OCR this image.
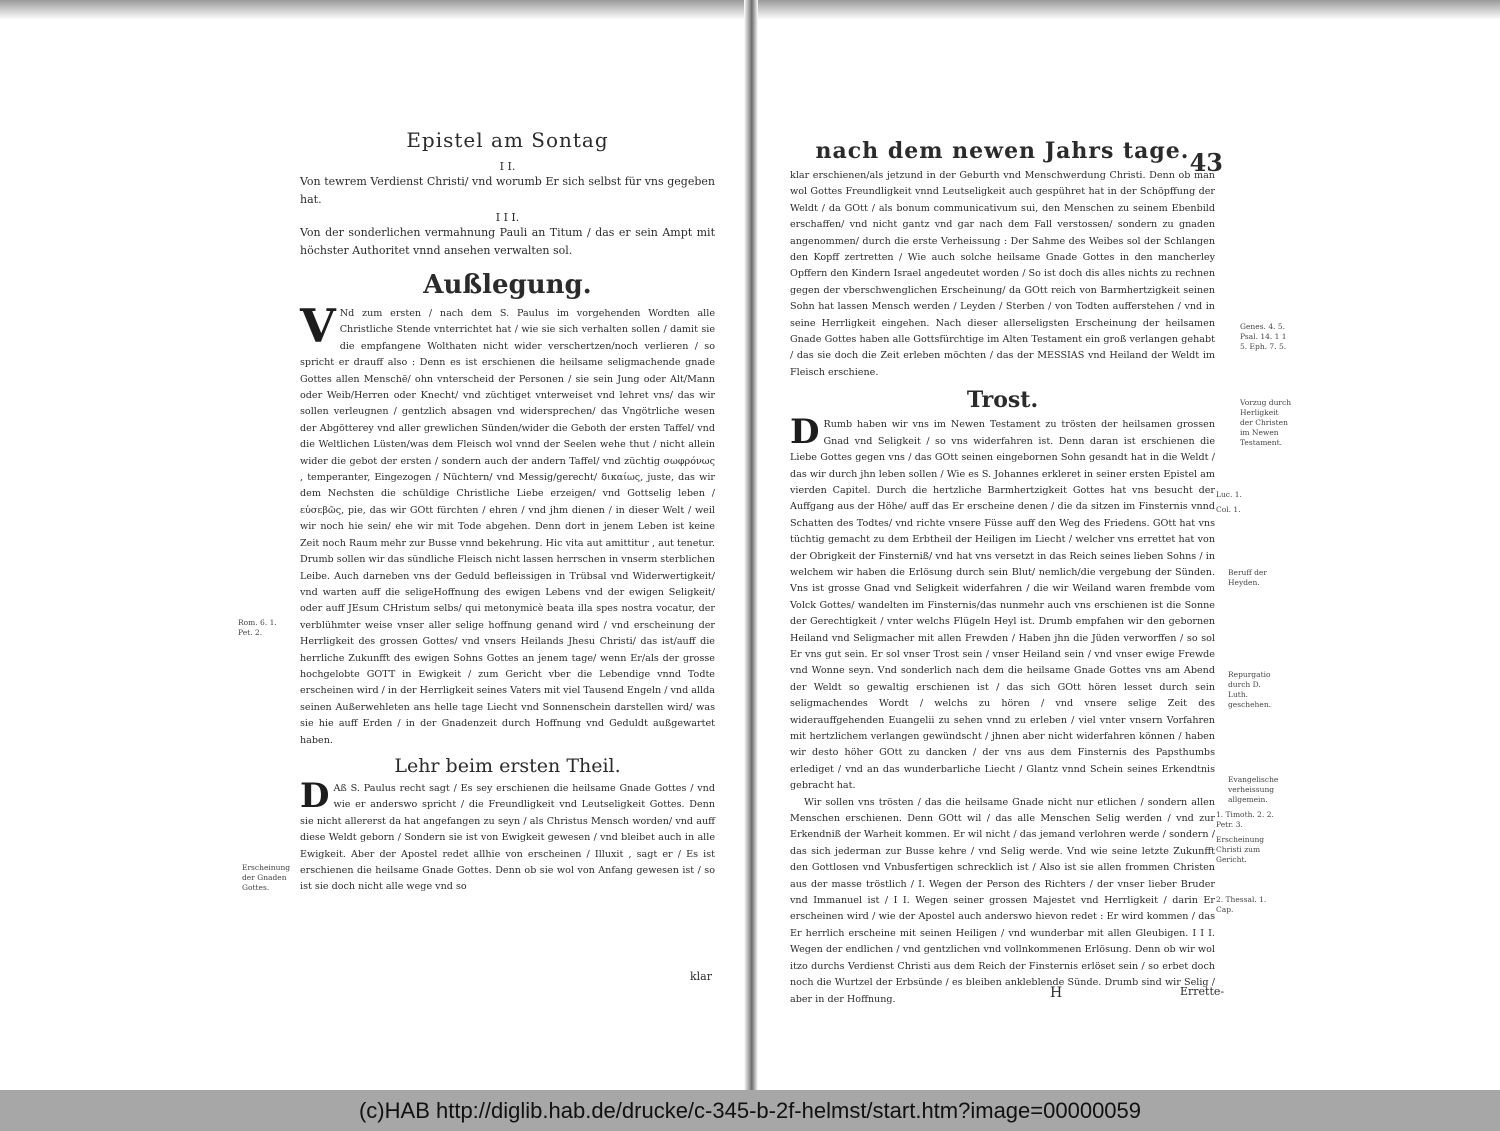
Epistel am Sontag
I I.

Von tewrem Verdienst Christi/ vnd worumb Er sich selbst für vns gegeben hat.

I I I.

Von der sonderlichen vermahnung Pauli an Titum / das er sein Ampt mit höchster Authoritet vnnd ansehen verwalten sol.

Außlegung.

V Nd zum ersten / nach dem S. Paulus im vorgehenden Wordten alle Christliche Stende vnterrichtet hat / wie sie sich verhalten sollen / damit sie die empfangene Wolthaten nicht wider verschertzen/noch verlieren / so spricht er drauff also : Denn es ist erschienen die heilsame seligmachende gnade Gottes allen Menschē/ ohn vnterscheid der Personen / sie sein Jung oder Alt/Mann oder Weib/Herren oder Knecht/ vnd züchtiget vnterweiset vnd lehret vns/ das wir sollen verleugnen / gentzlich absagen vnd widersprechen/ das Vngötrliche wesen der Abgötterey vnd aller grewlichen Sünden/wider die Geboth der ersten Taffel/ vnd die Weltlichen Lüsten/was dem Fleisch wol vnnd der Seelen wehe thut / nicht allein wider die gebot der ersten / sondern auch der andern Taffel/ vnd züchtig σωφρόνως , temperanter, Eingezogen / Nüchtern/ vnd Messig/gerecht/ δικαίως, juste, das wir dem Nechsten die schüldige Christliche Liebe erzeigen/ vnd Gottselig leben / εὐσεβῶς, pie, das wir GOtt fürchten / ehren / vnd jhm dienen / in dieser Welt / weil wir noch hie sein/ ehe wir mit Tode abgehen. Denn dort in jenem Leben ist keine Zeit noch Raum mehr zur Busse vnnd bekehrung. Hic vita aut amittitur , aut tenetur. Drumb sollen wir das sündliche Fleisch nicht lassen herrschen in vnserm sterblichen Leibe. Auch darneben vns der Geduld befleissigen in Trübsal vnd Widerwertigkeit/ vnd warten auff die seligeHoffnung des ewigen Lebens vnd der ewigen Seligkeit/ oder auff JEsum CHristum selbs/ qui metonymicè beata illa spes nostra vocatur, der verblühmter weise vnser aller selige hoffnung genand wird / vnd erscheinung der Herrligkeit des grossen Gottes/ vnd vnsers Heilands Jhesu Christi/ das ist/auff die herrliche Zukunfft des ewigen Sohns Gottes an jenem tage/ wenn Er/als der grosse hochgelobte GOTT in Ewigkeit / zum Gericht vber die Lebendige vnnd Todte erscheinen wird / in der Herrligkeit seines Vaters mit viel Tausend Engeln / vnd allda seinen Außerwehleten ans helle tage Liecht vnd Sonnenschein darstellen wird/ was sie hie auff Erden / in der Gnadenzeit durch Hoffnung vnd Geduldt außgewartet haben.

Lehr beim ersten Theil.

D Aß S. Paulus recht sagt / Es sey erschienen die heilsame Gnade Gottes / vnd wie er anderswo spricht / die Freundligkeit vnd Leutseligkeit Gottes. Denn sie nicht allererst da hat angefangen zu seyn / als Christus Mensch worden/ vnd auff diese Weldt geborn / Sondern sie ist von Ewigkeit gewesen / vnd bleibet auch in alle Ewigkeit. Aber der Apostel redet allhie von erscheinen / Illuxit , sagt er / Es ist erschienen die heilsame Gnade Gottes. Denn ob sie wol von Anfang gewesen ist / so ist sie doch nicht alle wege vnd so

klar
Rom. 6. 1. Pet. 2.
Erscheinung der Gnaden Gottes.
nach dem newen Jahrs tage. 43

klar erschienen/als jetzund in der Geburth vnd Menschwerdung Christi. Denn ob man wol Gottes Freundligkeit vnnd Leutseligkeit auch gespühret hat in der Schöpffung der Weldt / da GOtt / als bonum communicativum sui, den Menschen zu seinem Ebenbild erschaffen/ vnd nicht gantz vnd gar nach dem Fall verstossen/ sondern zu gnaden angenommen/ durch die erste Verheissung : Der Sahme des Weibes sol der Schlangen den Kopff zertretten / Wie auch solche heilsame Gnade Gottes in den mancherley Opffern den Kindern Israel angedeutet worden / So ist doch dis alles nichts zu rechnen gegen der vberschwenglichen Erscheinung/ da GOtt reich von Barmhertzigkeit seinen Sohn hat lassen Mensch werden / Leyden / Sterben / von Todten aufferstehen / vnd in seine Herrligkeit eingehen. Nach dieser allerseligsten Erscheinung der heilsamen Gnade Gottes haben alle Gottsfürchtige im Alten Testament ein groß verlangen gehabt / das sie doch die Zeit erleben möchten / das der MESSIAS vnd Heiland der Weldt im Fleisch erschiene.

Trost.

D Rumb haben wir vns im Newen Testament zu trösten der heilsamen grossen Gnad vnd Seligkeit / so vns widerfahren ist. Denn daran ist erschienen die Liebe Gottes gegen vns / das GOtt seinen eingebornen Sohn gesandt hat in die Weldt / das wir durch jhn leben sollen / Wie es S. Johannes erkleret in seiner ersten Epistel am vierden Capitel. Durch die hertzliche Barmhertzigkeit Gottes hat vns besucht der Auffgang aus der Höhe/ auff das Er erscheine denen / die da sitzen im Finsternis vnnd Schatten des Todtes/ vnd richte vnsere Füsse auff den Weg des Friedens. GOtt hat vns tüchtig gemacht zu dem Erbtheil der Heiligen im Liecht / welcher vns errettet hat von der Obrigkeit der Finsterniß/ vnd hat vns versetzt in das Reich seines lieben Sohns / in welchem wir haben die Erlösung durch sein Blut/ nemlich/die vergebung der Sünden. Vns ist grosse Gnad vnd Seligkeit widerfahren / die wir Weiland waren frembde vom Volck Gottes/ wandelten im Finsternis/das nunmehr auch vns erschienen ist die Sonne der Gerechtigkeit / vnter welchs Flügeln Heyl ist. Drumb empfahen wir den gebornen Heiland vnd Seligmacher mit allen Frewden / Haben jhn die Jüden verworffen / so sol Er vns gut sein. Er sol vnser Trost sein / vnser Heiland sein / vnd vnser ewige Frewde vnd Wonne seyn. Vnd sonderlich nach dem die heilsame Gnade Gottes vns am Abend der Weldt so gewaltig erschienen ist / das sich GOtt hören lesset durch sein seligmachendes Wordt / welchs zu hören / vnd vnsere selige Zeit des widerauffgehenden Euangelii zu sehen vnnd zu erleben / viel vnter vnsern Vorfahren mit hertzlichem verlangen gewündscht / jhnen aber nicht widerfahren können / haben wir desto höher GOtt zu dancken / der vns aus dem Finsternis des Papsthumbs erlediget / vnd an das wunderbarliche Liecht / Glantz vnnd Schein seines Erkendtnis gebracht hat.

Wir sollen vns trösten / das die heilsame Gnade nicht nur etlichen / sondern allen Menschen erschienen. Denn GOtt wil / das alle Menschen Selig werden / vnd zur Erkendniß der Warheit kommen. Er wil nicht / das jemand verlohren werde / sondern / das sich jederman zur Busse kehre / vnd Selig werde. Vnd wie seine letzte Zukunfft den Gottlosen vnd Vnbusfertigen schrecklich ist / Also ist sie allen frommen Christen aus der masse tröstlich / I. Wegen der Person des Richters / der vnser lieber Bruder vnd Immanuel ist / I I. Wegen seiner grossen Majestet vnd Herrligkeit / darin Er erscheinen wird / wie der Apostel auch anderswo hievon redet : Er wird kommen / das Er herrlich erscheine mit seinen Heiligen / vnd wunderbar mit allen Gleubigen. I I I. Wegen der endlichen / vnd gentzlichen vnd vollnkommenen Erlösung. Denn ob wir wol itzo durchs Verdienst Christi aus dem Reich der Finsternis erlöset sein / so erbet doch noch die Wurtzel der Erbsünde / es bleiben ankleblende Sünde. Drumb sind wir Selig / aber in der Hoffnung.	H	Errette-
Genes. 4. 5. Psal. 14. 1 1 5. Eph. 7. 5.
Vorzug durch Herligkeit der Christen im Newen Testament.
Luc. 1.
Col. 1.
Beruff der Heyden.
Repurgatio durch D. Luth. geschehen.
Evangelische verheissung allgemein.
1. Timoth. 2. 2. Petr. 3.
Erscheinung Christi zum Gericht.
2. Thessal. 1. Cap.
(c)HAB http://diglib.hab.de/drucke/c-345-b-2f-helmst/start.htm?image=00000059
